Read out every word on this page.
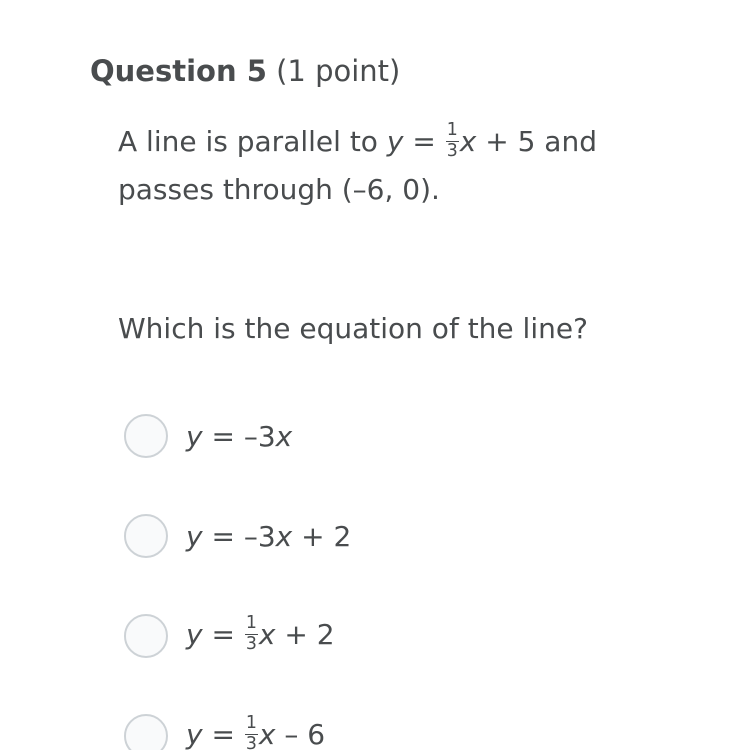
Question 5 (1 point)
A line is parallel to $y = \frac{1}{3}$ x + 5 and
passes through (–6, 0).
Which is the equation of the line?
y = –3x
y = –3x + 2
$y = \frac{1}{3}$ x + 2
$y = \frac{1}{3}$ x – 6
